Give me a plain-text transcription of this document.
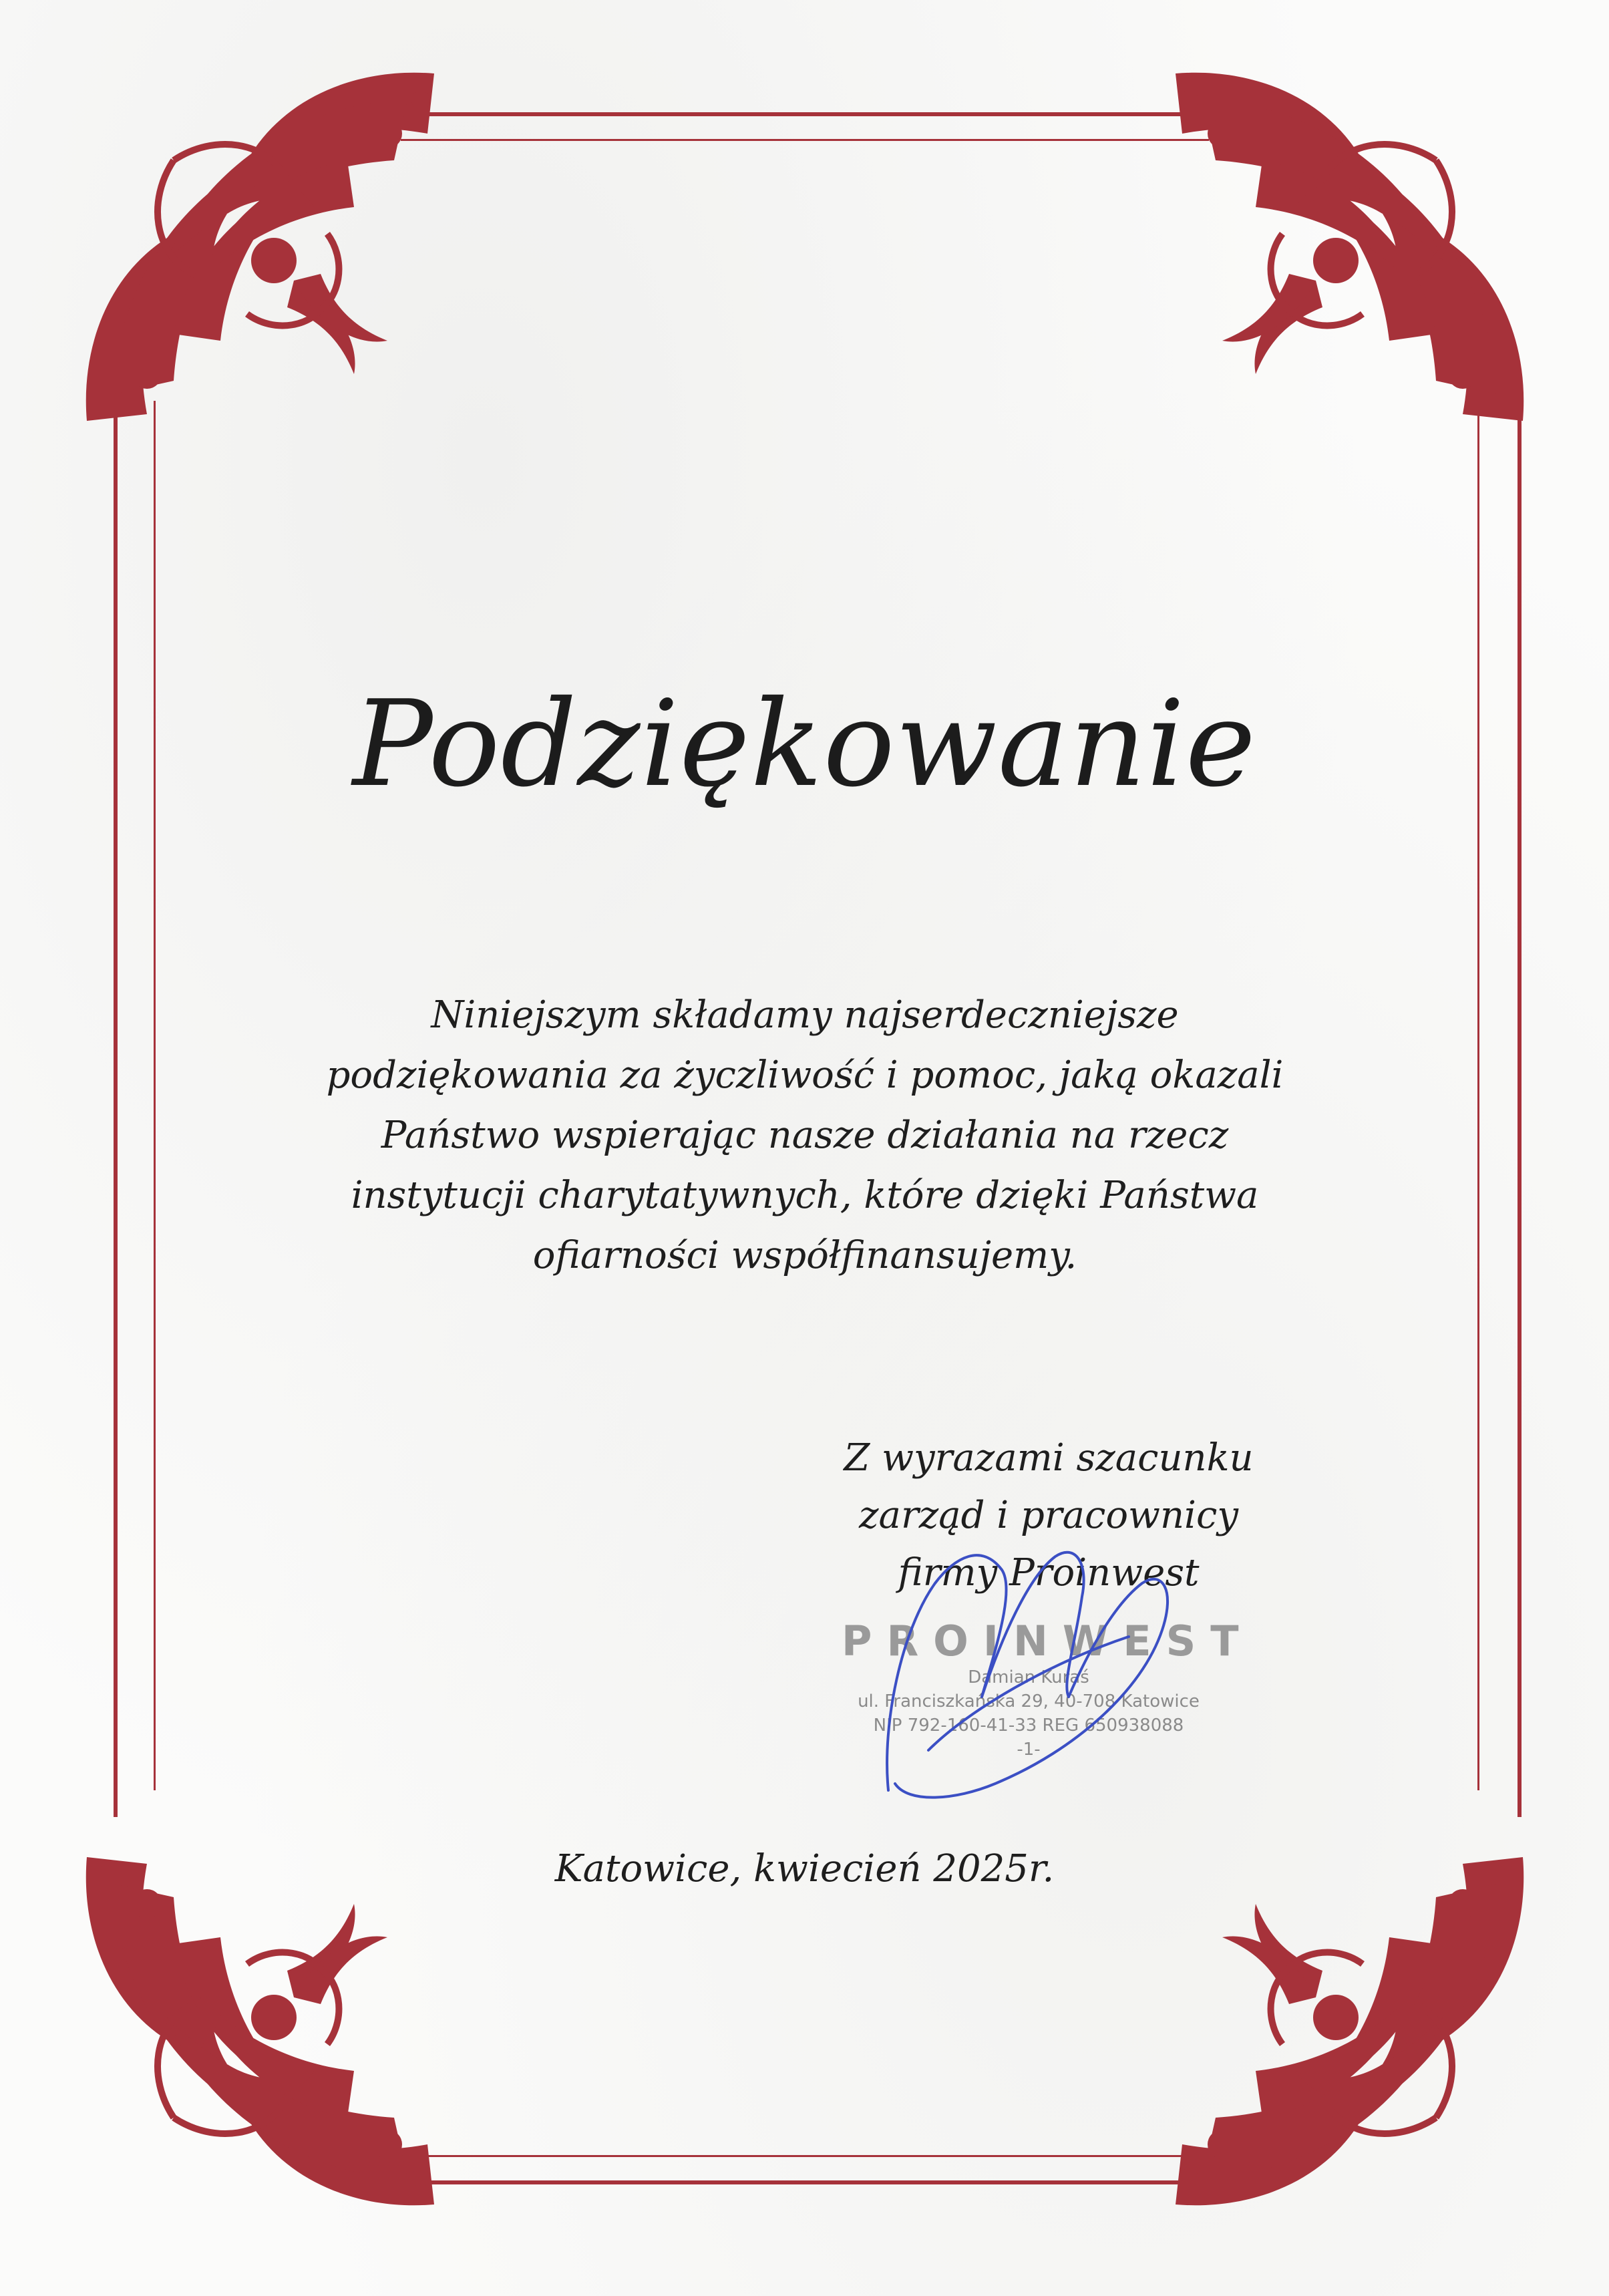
Podziękowanie
Niniejszym składamy najserdeczniejsze
podziękowania za życzliwość i pomoc, jaką okazali
Państwo wspierając nasze działania na rzecz
instytucji charytatywnych, które dzięki Państwa
ofiarności współfinansujemy.
Z wyrazami szacunku
zarząd i pracownicy
firmy Proinwest
PROINWEST
Damian Kuraś
ul. Franciszkańska 29, 40-708 Katowice
NIP 792-160-41-33 REG 650938088
-1-
Katowice, kwiecień 2025r.
